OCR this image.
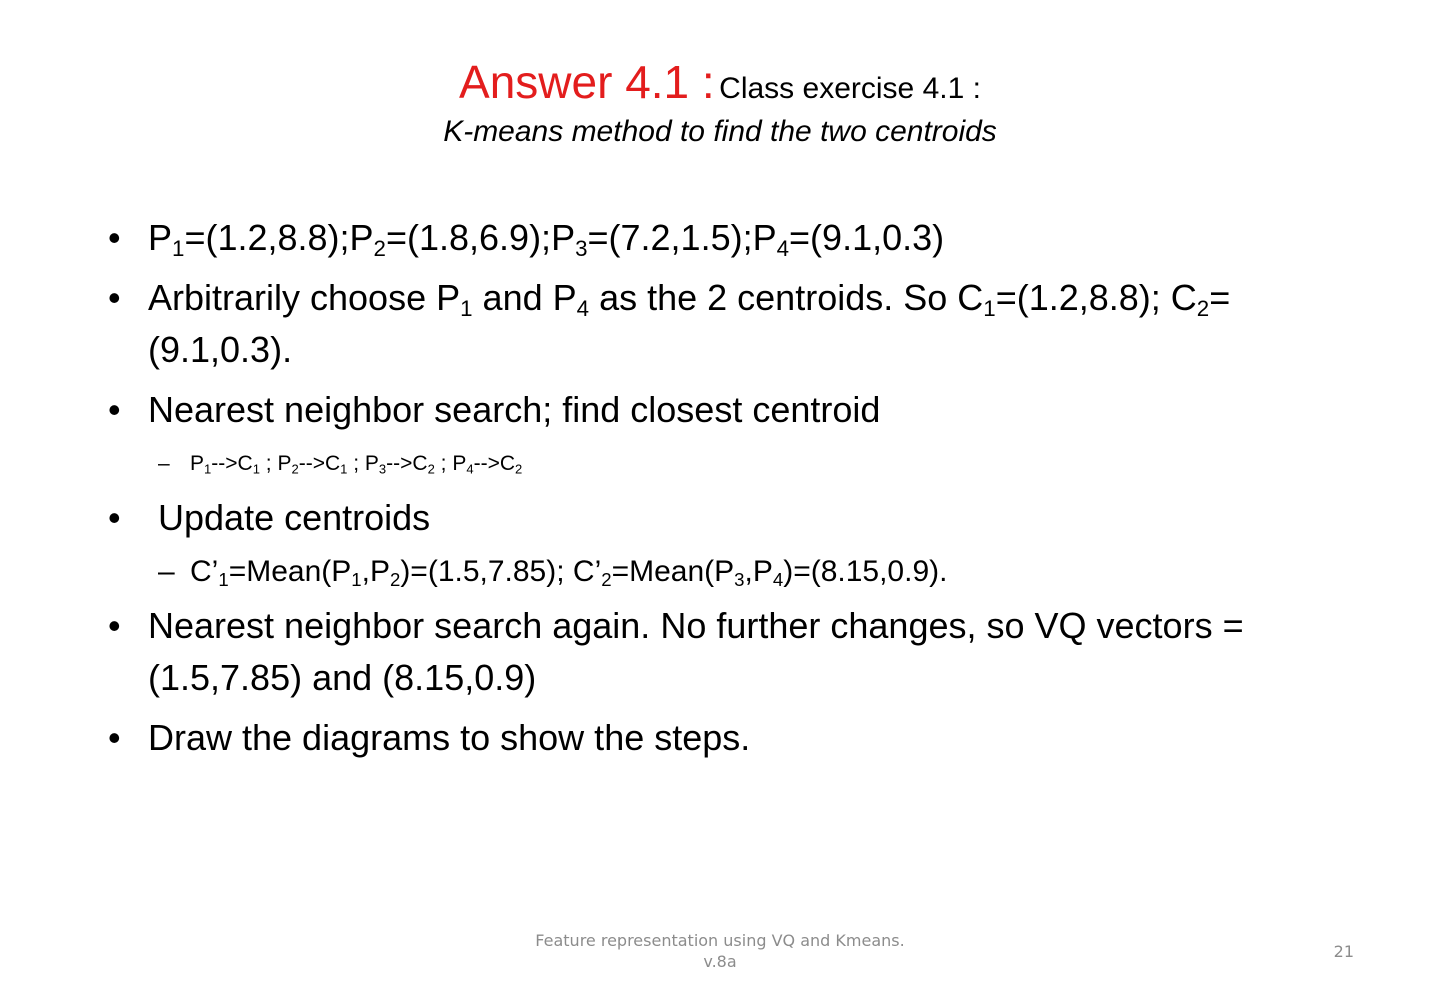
Answer 4.1 : Class exercise 4.1 :
K-means method to find the two centroids
• $P_1=(1.2,8.8);P_2=(1.8,6.9);P_3=(7.2,1.5);P_4=(9.1,0.3)$
• Arbitrarily choose $P_1$ and $P_4$ as the 2 centroids. So $C_1=(1.2,8.8)$; $C_2=(9.1,0.3)$.
• Nearest neighbor search; find closest centroid
– $P_1-->C_1$ ; $P_2-->C_1$ ; $P_3-->C_2$ ; $P_4-->C_2$
•  Update centroids
– $C’_1=Mean(P_1,P_2)=(1.5,7.85)$; $C’_2=Mean(P_3,P_4)=(8.15,0.9)$.
• Nearest neighbor search again. No further changes, so VQ vectors =(1.5,7.85) and (8.15,0.9)
• Draw the diagrams to show the steps.
Feature representation using VQ and Kmeans.
v.8a
21
